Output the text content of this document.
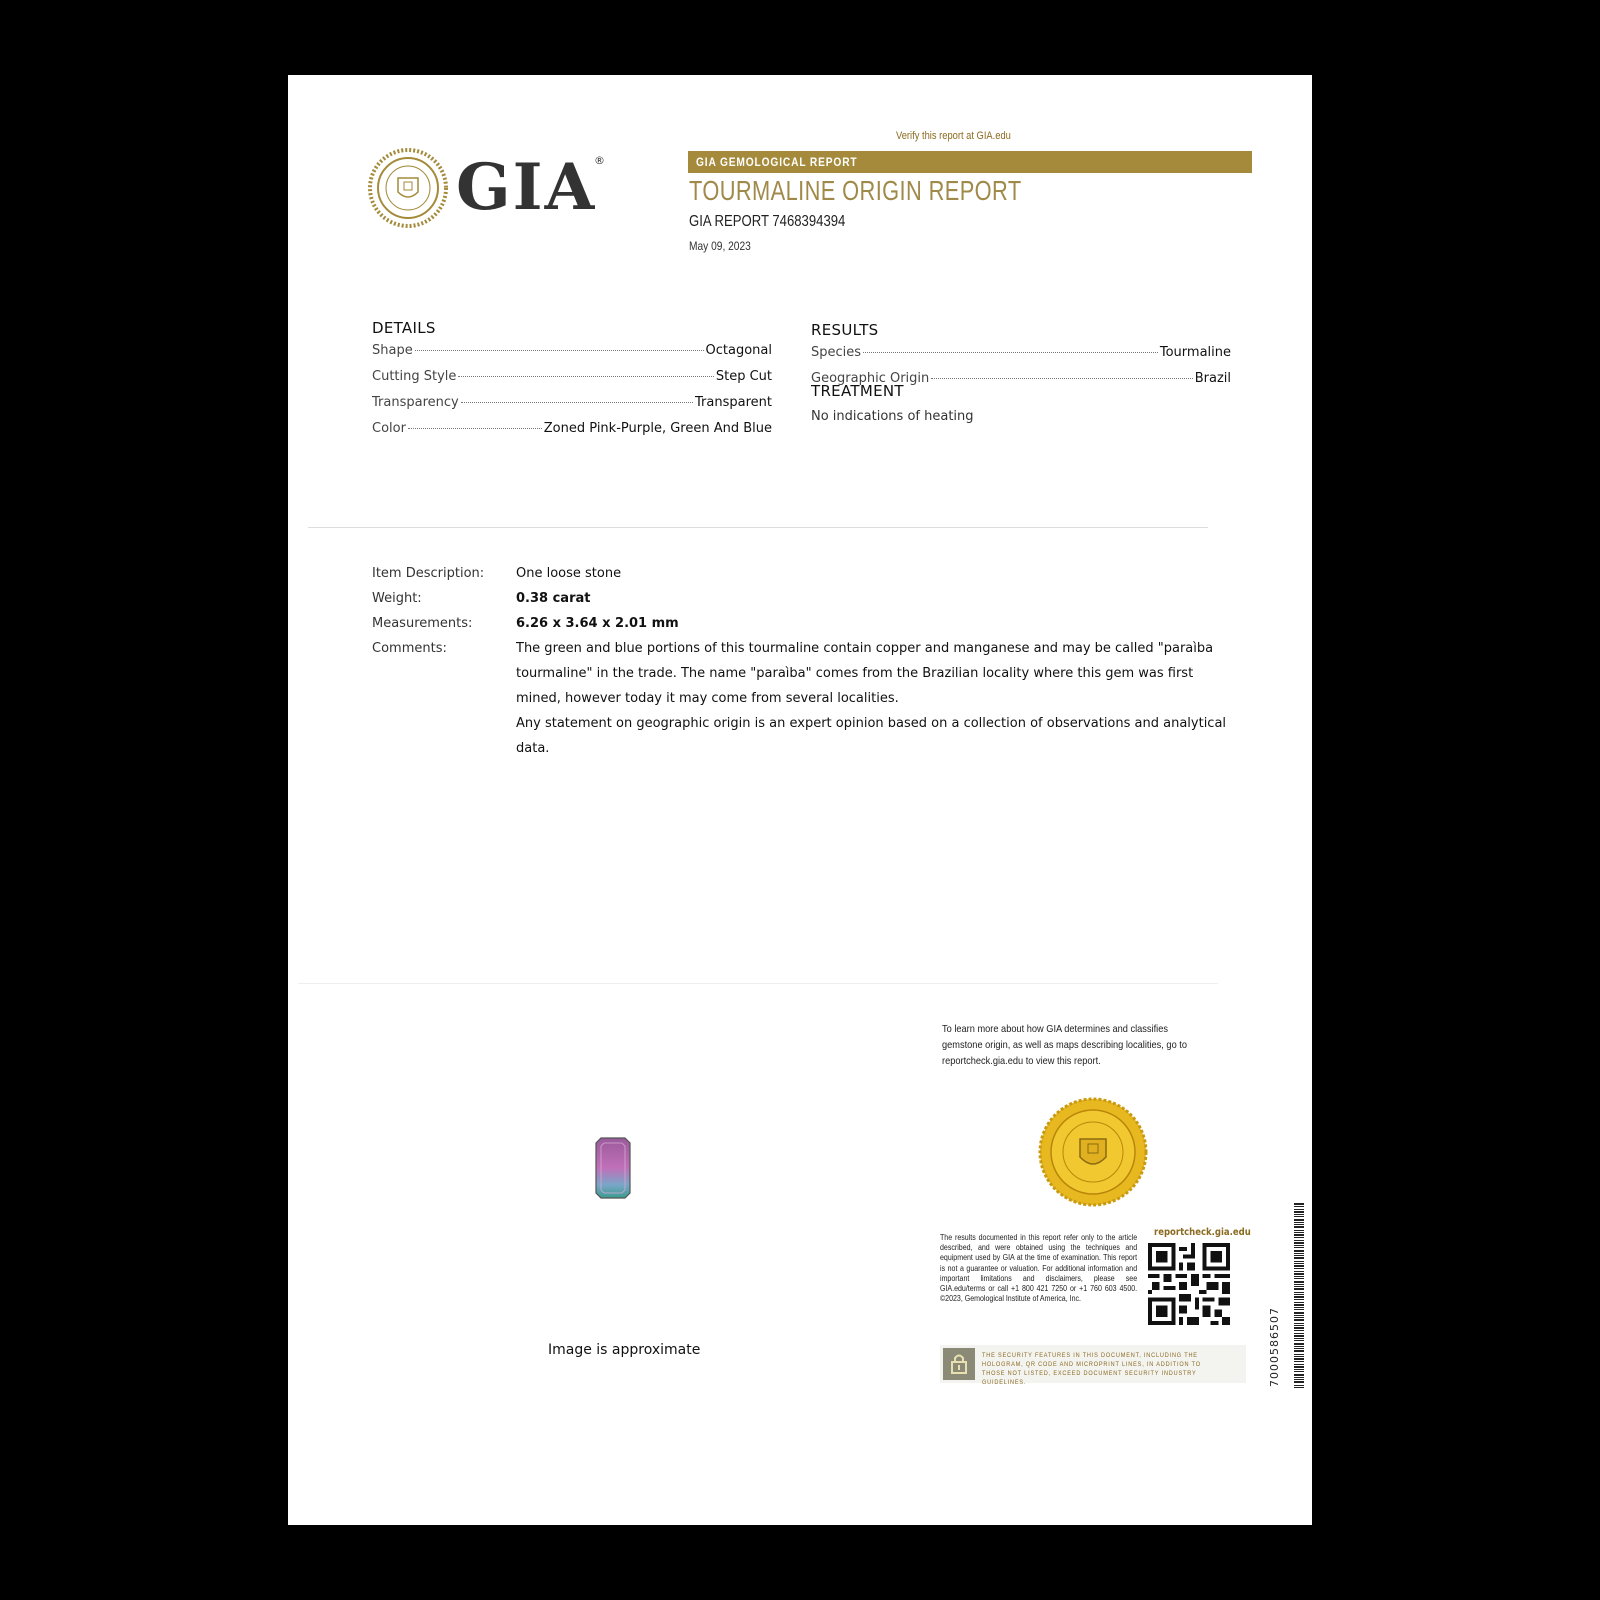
GIA
®
Verify this report at GIA.edu
GIA GEMOLOGICAL REPORT
TOURMALINE ORIGIN REPORT
GIA REPORT 7468394394
May 09, 2023
DETAILS
Shape	Octagonal
Cutting Style	Step Cut
Transparency	Transparent
Color	Zoned Pink-Purple, Green And Blue
RESULTS
Species	Tourmaline
Geographic Origin	Brazil
TREATMENT
No indications of heating
Item Description:	One loose stone
Weight:	0.38 carat
Measurements:	6.26 x 3.64 x 2.01 mm
Comments:	The green and blue portions of this tourmaline contain copper and manganese and may be called "paraìba tourmaline" in the trade. The name "paraìba" comes from the Brazilian locality where this gem was first mined, however today it may come from several localities.

Any statement on geographic origin is an expert opinion based on a collection of observations and analytical data.

Image is approximate
To learn more about how GIA determines and classifies gemstone origin, as well as maps describing localities, go to reportcheck.gia.edu to view this report.
reportcheck.gia.edu
The results documented in this report refer only to the article described, and were obtained using the techniques and equipment used by GIA at the time of examination. This report is not a guarantee or valuation. For additional information and important limitations and disclaimers, please see GIA.edu/terms or call +1 800 421 7250 or +1 760 603 4500. ©2023, Gemological Institute of America, Inc.
THE SECURITY FEATURES IN THIS DOCUMENT, INCLUDING THE HOLOGRAM, QR CODE AND MICROPRINT LINES, IN ADDITION TO THOSE NOT LISTED, EXCEED DOCUMENT SECURITY INDUSTRY GUIDELINES.	7000586507
